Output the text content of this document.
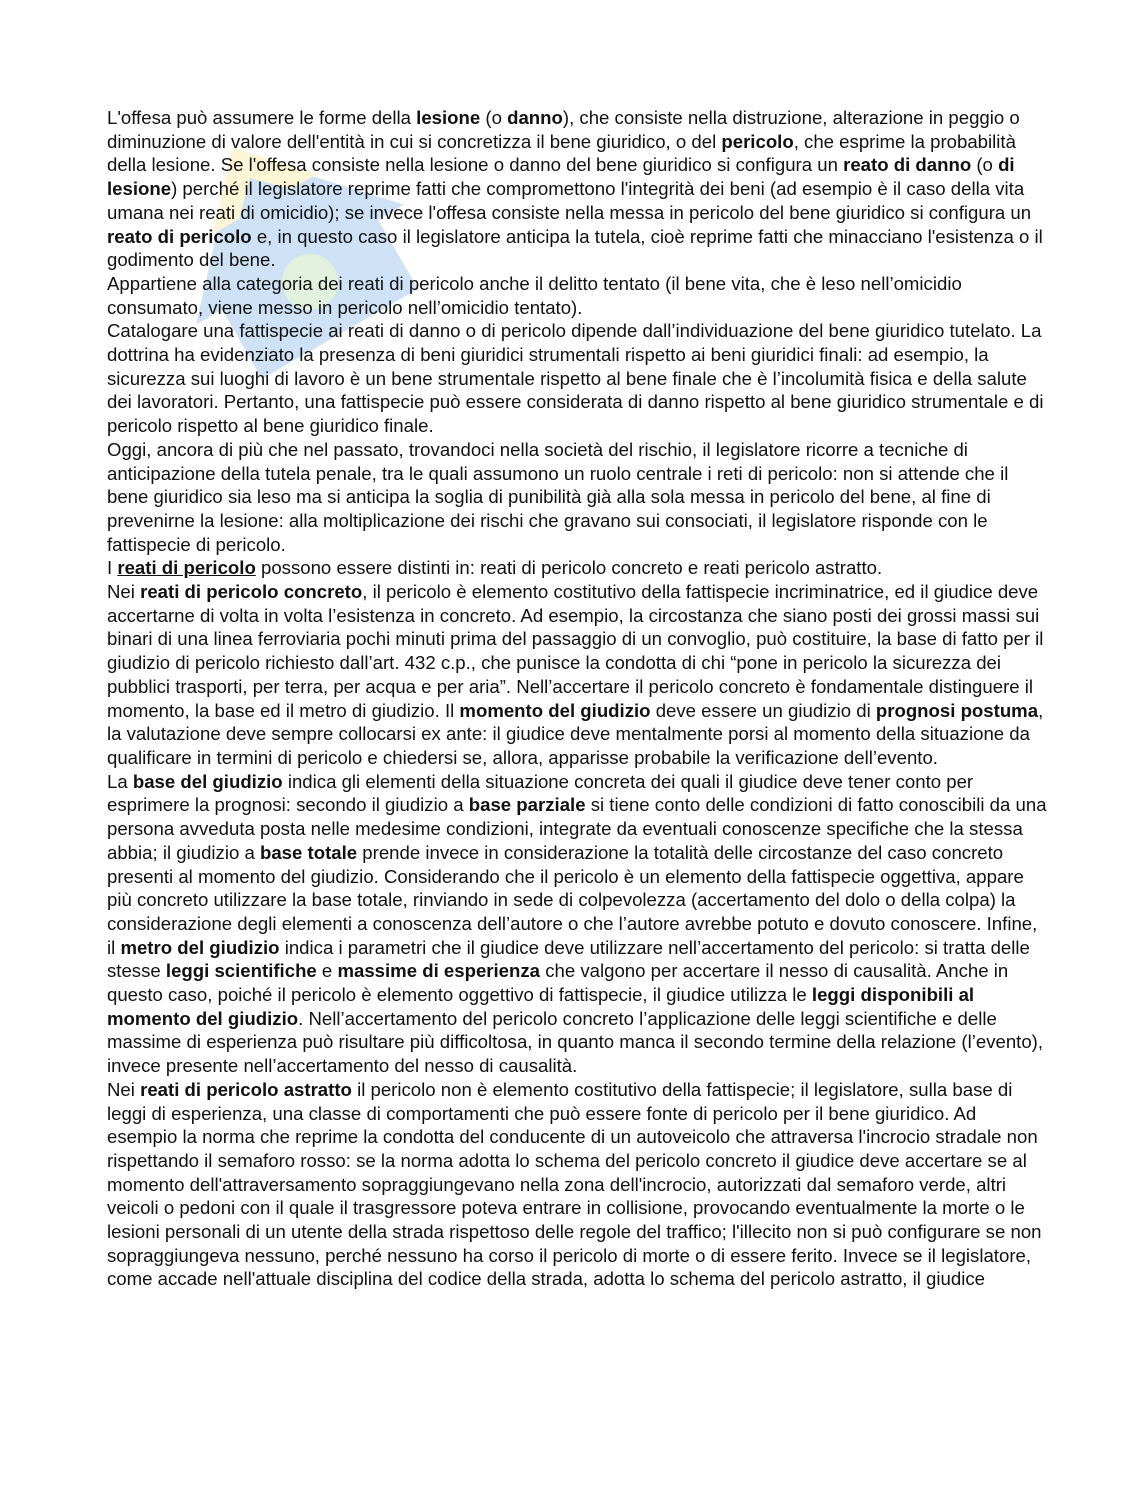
L'offesa può assumere le forme della lesione (o danno), che consiste nella distruzione, alterazione in peggio o diminuzione di valore dell'entità in cui si concretizza il bene giuridico, o del pericolo, che esprime la probabilità della lesione. Se l'offesa consiste nella lesione o danno del bene giuridico si configura un reato di danno (o di lesione) perché il legislatore reprime fatti che compromettono l'integrità dei beni (ad esempio è il caso della vita umana nei reati di omicidio); se invece l'offesa consiste nella messa in pericolo del bene giuridico si configura un reato di pericolo e, in questo caso il legislatore anticipa la tutela, cioè reprime fatti che minacciano l'esistenza o il godimento del bene.

Appartiene alla categoria dei reati di pericolo anche il delitto tentato (il bene vita, che è leso nell’omicidio consumato, viene messo in pericolo nell’omicidio tentato).

Catalogare una fattispecie ai reati di danno o di pericolo dipende dall’individuazione del bene giuridico tutelato. La dottrina ha evidenziato la presenza di beni giuridici strumentali rispetto ai beni giuridici finali: ad esempio, la sicurezza sui luoghi di lavoro è un bene strumentale rispetto al bene finale che è l’incolumità fisica e della salute dei lavoratori. Pertanto, una fattispecie può essere considerata di danno rispetto al bene giuridico strumentale e di pericolo rispetto al bene giuridico finale.

Oggi, ancora di più che nel passato, trovandoci nella società del rischio, il legislatore ricorre a tecniche di anticipazione della tutela penale, tra le quali assumono un ruolo centrale i reti di pericolo: non si attende che il bene giuridico sia leso ma si anticipa la soglia di punibilità già alla sola messa in pericolo del bene, al fine di prevenirne la lesione: alla moltiplicazione dei rischi che gravano sui consociati, il legislatore risponde con le fattispecie di pericolo.

I reati di pericolo possono essere distinti in: reati di pericolo concreto e reati pericolo astratto.

Nei reati di pericolo concreto, il pericolo è elemento costitutivo della fattispecie incriminatrice, ed il giudice deve accertarne di volta in volta l’esistenza in concreto. Ad esempio, la circostanza che siano posti dei grossi massi sui binari di una linea ferroviaria pochi minuti prima del passaggio di un convoglio, può costituire, la base di fatto per il giudizio di pericolo richiesto dall’art. 432 c.p., che punisce la condotta di chi “pone in pericolo la sicurezza dei pubblici trasporti, per terra, per acqua e per aria”. Nell’accertare il pericolo concreto è fondamentale distinguere il momento, la base ed il metro di giudizio. Il momento del giudizio deve essere un giudizio di prognosi postuma, la valutazione deve sempre collocarsi ex ante: il giudice deve mentalmente porsi al momento della situazione da qualificare in termini di pericolo e chiedersi se, allora, apparisse probabile la verificazione dell’evento.

La base del giudizio indica gli elementi della situazione concreta dei quali il giudice deve tener conto per esprimere la prognosi: secondo il giudizio a base parziale si tiene conto delle condizioni di fatto conoscibili da una persona avveduta posta nelle medesime condizioni, integrate da eventuali conoscenze specifiche che la stessa abbia; il giudizio a base totale prende invece in considerazione la totalità delle circostanze del caso concreto presenti al momento del giudizio. Considerando che il pericolo è un elemento della fattispecie oggettiva, appare più concreto utilizzare la base totale, rinviando in sede di colpevolezza (accertamento del dolo o della colpa) la considerazione degli elementi a conoscenza dell’autore o che l’autore avrebbe potuto e dovuto conoscere. Infine, il metro del giudizio indica i parametri che il giudice deve utilizzare nell’accertamento del pericolo: si tratta delle stesse leggi scientifiche e massime di esperienza che valgono per accertare il nesso di causalità. Anche in questo caso, poiché il pericolo è elemento oggettivo di fattispecie, il giudice utilizza le leggi disponibili al momento del giudizio. Nell’accertamento del pericolo concreto l’applicazione delle leggi scientifiche e delle massime di esperienza può risultare più difficoltosa, in quanto manca il secondo termine della relazione (l’evento), invece presente nell’accertamento del nesso di causalità.

Nei reati di pericolo astratto il pericolo non è elemento costitutivo della fattispecie; il legislatore, sulla base di leggi di esperienza, una classe di comportamenti che può essere fonte di pericolo per il bene giuridico. Ad esempio la norma che reprime la condotta del conducente di un autoveicolo che attraversa l'incrocio stradale non rispettando il semaforo rosso: se la norma adotta lo schema del pericolo concreto il giudice deve accertare se al momento dell'attraversamento sopraggiungevano nella zona dell'incrocio, autorizzati dal semaforo verde, altri veicoli o pedoni con il quale il trasgressore poteva entrare in collisione, provocando eventualmente la morte o le lesioni personali di un utente della strada rispettoso delle regole del traffico; l'illecito non si può configurare se non sopraggiungeva nessuno, perché nessuno ha corso il pericolo di morte o di essere ferito. Invece se il legislatore, come accade nell'attuale disciplina del codice della strada, adotta lo schema del pericolo astratto, il giudice
